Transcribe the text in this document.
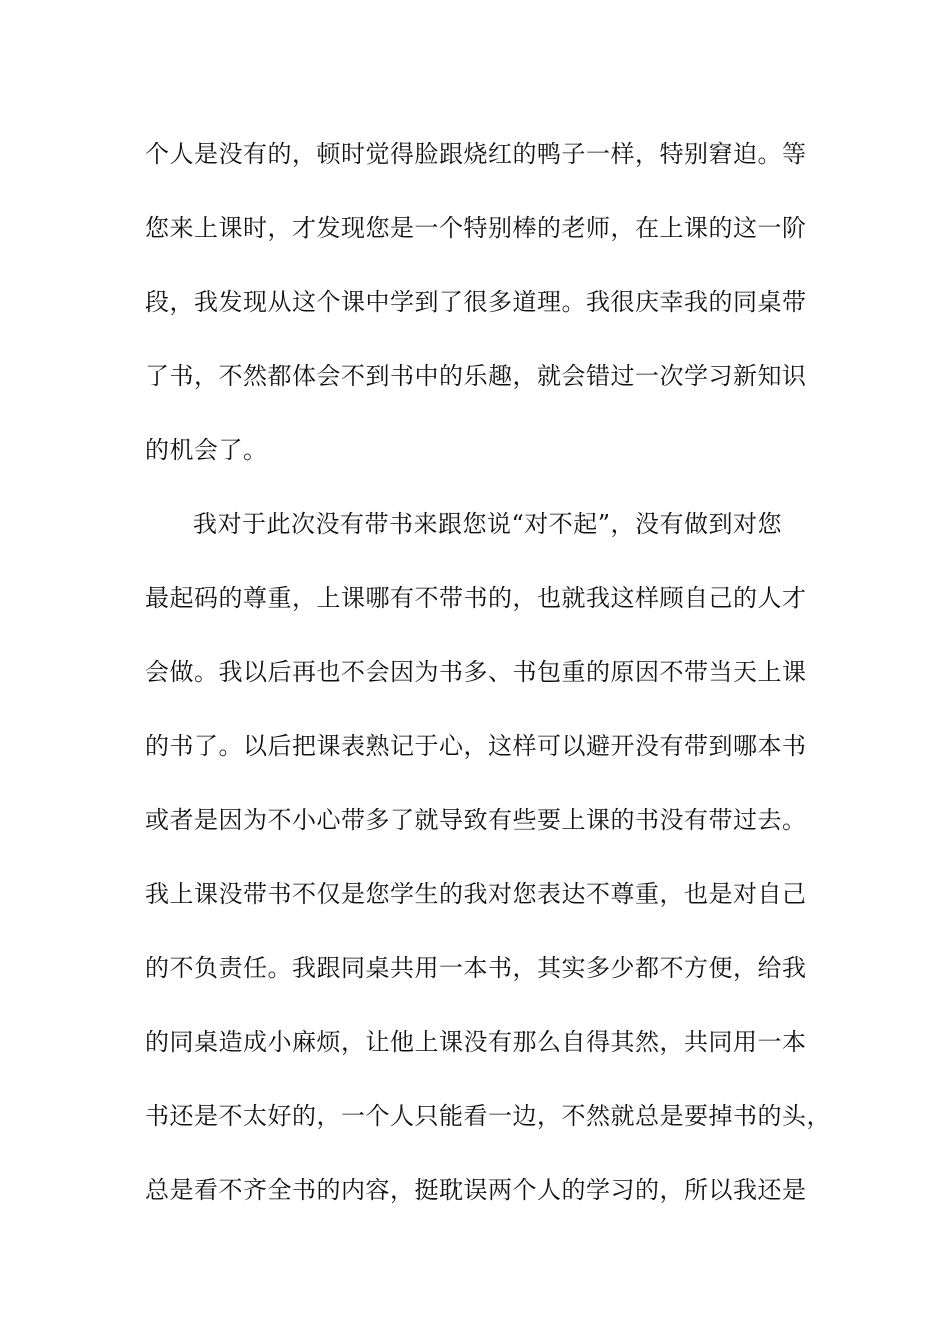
个人是没有的，顿时觉得脸跟烧红的鸭子一样，特别窘迫。等
您来上课时，才发现您是一个特别棒的老师，在上课的这一阶
段，我发现从这个课中学到了很多道理。我很庆幸我的同桌带
了书，不然都体会不到书中的乐趣，就会错过一次学习新知识
的机会了。
我对于此次没有带书来跟您说“对不起”，没有做到对您
最起码的尊重，上课哪有不带书的，也就我这样顾自己的人才
会做。我以后再也不会因为书多、书包重的原因不带当天上课
的书了。以后把课表熟记于心，这样可以避开没有带到哪本书
或者是因为不小心带多了就导致有些要上课的书没有带过去。
我上课没带书不仅是您学生的我对您表达不尊重，也是对自己
的不负责任。我跟同桌共用一本书，其实多少都不方便，给我
的同桌造成小麻烦，让他上课没有那么自得其然，共同用一本
书还是不太好的，一个人只能看一边，不然就总是要掉书的头，
总是看不齐全书的内容，挺耽误两个人的学习的，所以我还是
